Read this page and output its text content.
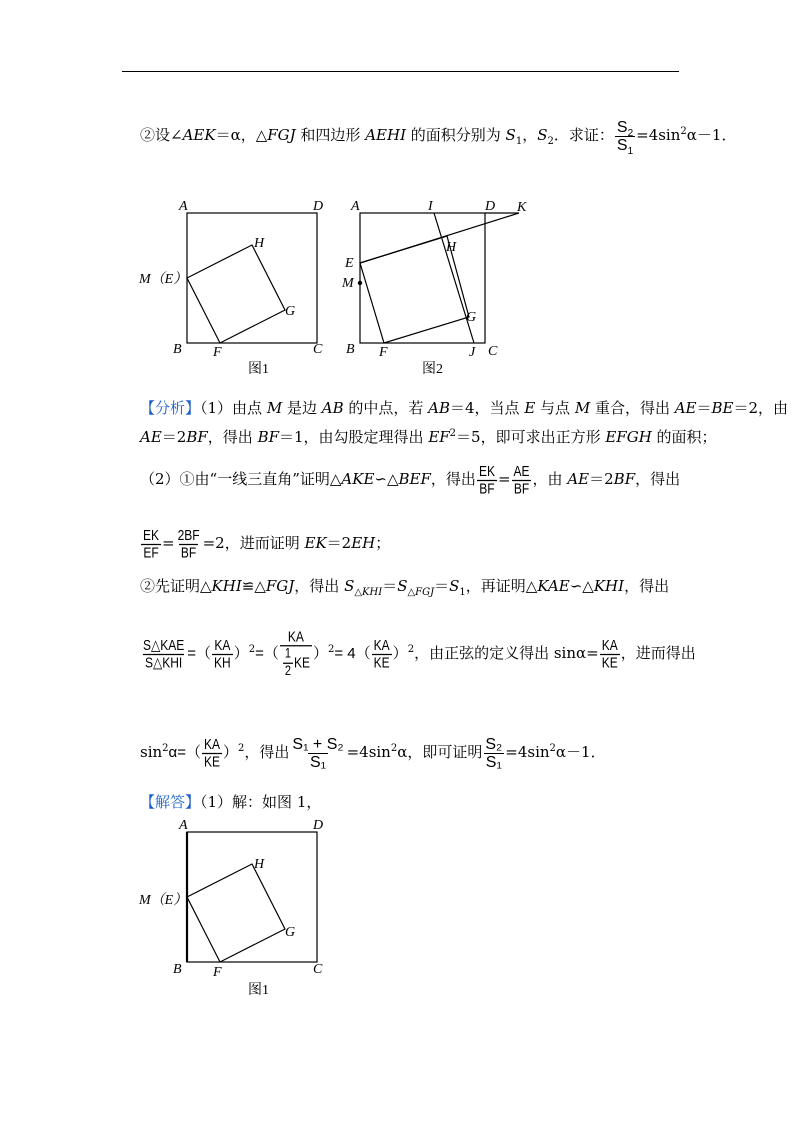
②设∠AEK＝α，△FGJ 和四边形 AEHI 的面积分别为 $S_1$，$S_2$．求证： $\frac{S_2}{S_1} =4\sin^2\alpha-1$．
A	D
M（E）
H
G
B F	C
图1
A	I	D K
H
E
M
G
B F	J C
图2
【分析】（1）由点 M 是边 AB 的中点，若 AB＝4，当点 E 与点 M 重合，得出 AE＝BE＝2，由
AE＝2BF，得出 BF＝1，由勾股定理得出 $EF^2=5$，即可求出正方形 EFGH 的面积；
（2）①由“一线三直角”证明△AKE∽△BEF，得出 $\frac{EK}{BF} = \frac{AE}{BF}$ ，由 AE＝2BF，得出
$\frac{EK}{EF} = \frac{2BF}{BF} =2$，进而证明 EK＝2EH；
②先证明△KHI≌△FGJ，得出 $S_{\triangle KHI}=S_{\triangle FGJ}=S_1$，再证明△KAE∽△KHI，得出
$\frac{\text{S△KAE}}{\text{S△KHI}}$ =（ $\frac{KA}{KH} )^2=( \frac{KA}{\frac{1}{2} KE} )^2= 4( \frac{KA}{KE} )^2$，由正弦的定义得出 $\sin\alpha= \frac{KA}{KE}$ ，进而得出
$\sin^2\alpha=( \frac{KA}{KE} )^2$，得出 $\frac{\text{S₁ + S₂}}{\text{S₁}} =4\sin^2\alpha$，即可证明 $\frac{\text{S₂}}{\text{S₁}} =4\sin^2\alpha-1$．
【解答】（1）解：如图 1，
A	D
M（E）
H
G
B F	C
图1
